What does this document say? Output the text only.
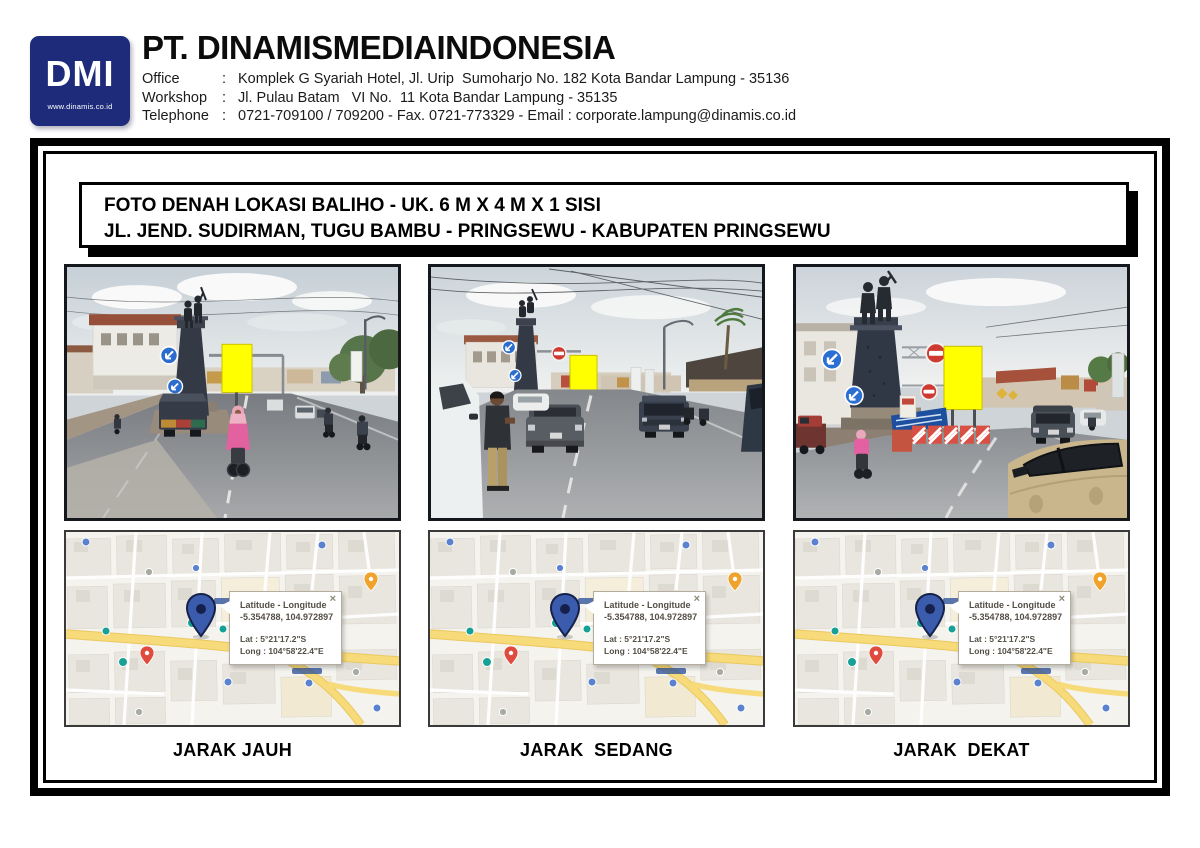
DMI
www.dinamis.co.id
PT. DINAMISMEDIAINDONESIA
Office	: Komplek G Syariah Hotel, Jl. Urip  Sumoharjo No. 182 Kota Bandar Lampung - 35136
Workshop	: Jl. Pulau Batam   VI No.  11 Kota Bandar Lampung - 35135
Telephone : 0721-709100 / 709200 - Fax. 0721-773329 - Email : corporate.lampung@dinamis.co.id
FOTO DENAH LOKASI BALIHO - UK. 6 M X 4 M X 1 SISI
JL. JEND. SUDIRMAN, TUGU BAMBU - PRINGSEWU - KABUPATEN PRINGSEWU
×
Latitude - Longitude
-5.354788, 104.972897
Lat : 5°21'17.2"S
Long : 104°58'22.4"E
×
Latitude - Longitude
-5.354788, 104.972897
Lat : 5°21'17.2"S
Long : 104°58'22.4"E
×
Latitude - Longitude
-5.354788, 104.972897
Lat : 5°21'17.2"S
Long : 104°58'22.4"E
JARAK JAUH	JARAK  SEDANG	JARAK  DEKAT
